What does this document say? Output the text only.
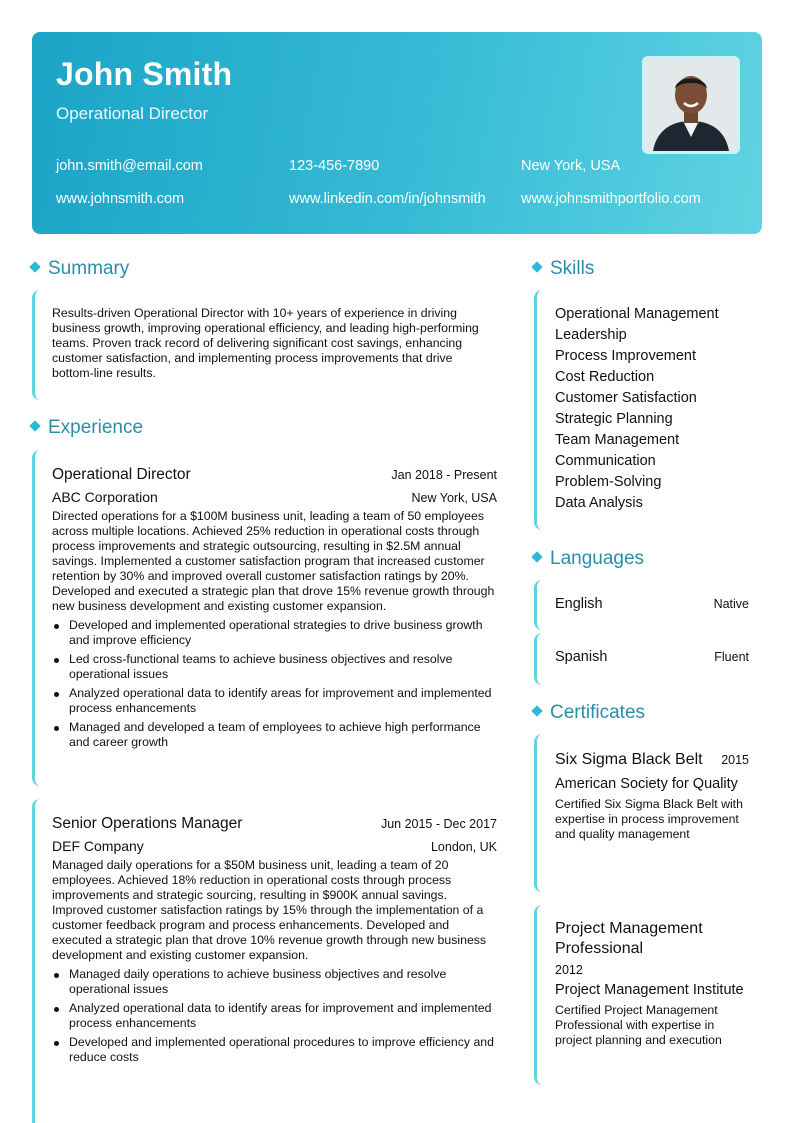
John Smith
Operational Director
john.smith@email.com	123-456-7890	New York, USA
www.johnsmith.com	www.linkedin.com/in/johnsmith www.johnsmithportfolio.com
Summary
Results-driven Operational Director with 10+ years of experience in driving business growth, improving operational efficiency, and leading high-performing teams. Proven track record of delivering significant cost savings, enhancing customer satisfaction, and implementing process improvements that drive bottom-line results.
Experience
Operational Director	Jan 2018 - Present
ABC Corporation	New York, USA
Directed operations for a $100M business unit, leading a team of 50 employees across multiple locations. Achieved 25% reduction in operational costs through process improvements and strategic outsourcing, resulting in $2.5M annual savings. Implemented a customer satisfaction program that increased customer retention by 30% and improved overall customer satisfaction ratings by 20%. Developed and executed a strategic plan that drove 15% revenue growth through new business development and existing customer expansion.
Developed and implemented operational strategies to drive business growth and improve efficiency
Led cross-functional teams to achieve business objectives and resolve operational issues
Analyzed operational data to identify areas for improvement and implemented process enhancements
Managed and developed a team of employees to achieve high performance and career growth
Senior Operations Manager	Jun 2015 - Dec 2017
DEF Company	London, UK
Managed daily operations for a $50M business unit, leading a team of 20 employees. Achieved 18% reduction in operational costs through process improvements and strategic sourcing, resulting in $900K annual savings. Improved customer satisfaction ratings by 15% through the implementation of a customer feedback program and process enhancements. Developed and executed a strategic plan that drove 10% revenue growth through new business development and existing customer expansion.
Managed daily operations to achieve business objectives and resolve operational issues
Analyzed operational data to identify areas for improvement and implemented process enhancements
Developed and implemented operational procedures to improve efficiency and reduce costs
Skills
Operational Management
Leadership
Process Improvement
Cost Reduction
Customer Satisfaction
Strategic Planning
Team Management
Communication
Problem-Solving
Data Analysis
Languages
English	Native
Spanish	Fluent
Certificates
Six Sigma Black Belt 2015
American Society for Quality
Certified Six Sigma Black Belt with expertise in process improvement and quality management
Project Management Professional
2012
Project Management Institute
Certified Project Management Professional with expertise in project planning and execution
